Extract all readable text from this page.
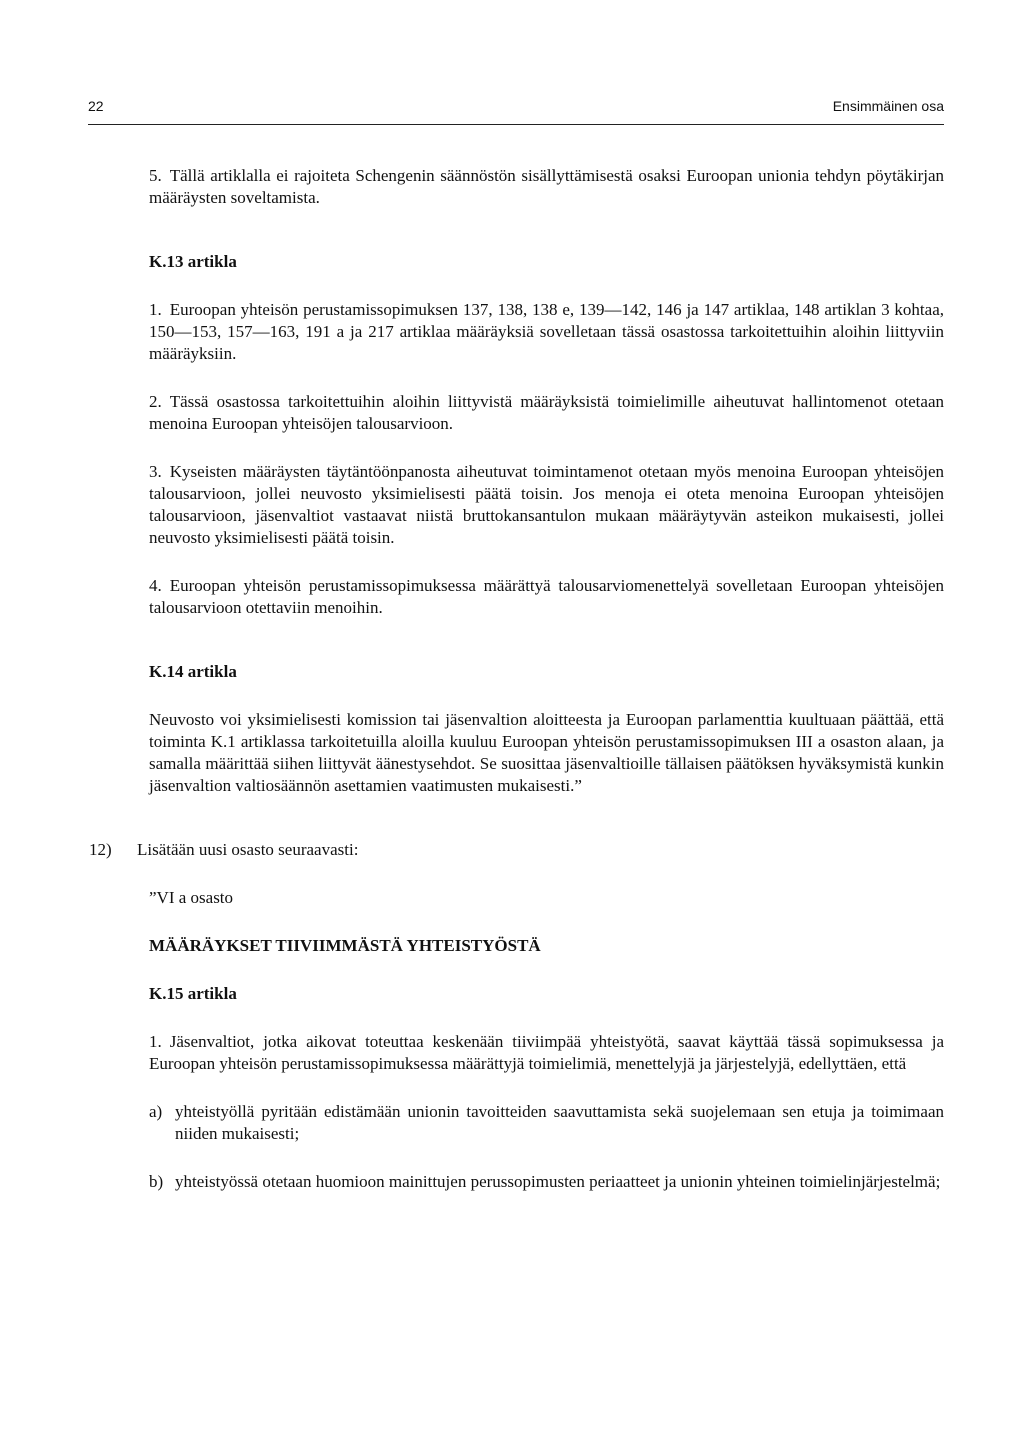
22	Ensimmäinen osa

5. Tällä artiklalla ei rajoiteta Schengenin säännöstön sisällyttämisestä osaksi Euroopan unionia tehdyn pöytäkirjan määräysten soveltamista.

K.13 artikla

1. Euroopan yhteisön perustamissopimuksen 137, 138, 138 e, 139—142, 146 ja 147 artiklaa, 148 artiklan 3 kohtaa, 150—153, 157—163, 191 a ja 217 artiklaa määräyksiä sovelletaan tässä osastossa tarkoitettuihin aloihin liittyviin määräyksiin.

2. Tässä osastossa tarkoitettuihin aloihin liittyvistä määräyksistä toimielimille aiheutuvat hallintomenot otetaan menoina Euroopan yhteisöjen talousarvioon.

3. Kyseisten määräysten täytäntöönpanosta aiheutuvat toimintamenot otetaan myös menoina Euroopan yhteisöjen talousarvioon, jollei neuvosto yksimielisesti päätä toisin. Jos menoja ei oteta menoina Euroopan yhteisöjen talousarvioon, jäsenvaltiot vastaavat niistä bruttokansantulon mukaan määräytyvän asteikon mukaisesti, jollei neuvosto yksimielisesti päätä toisin.

4. Euroopan yhteisön perustamissopimuksessa määrättyä talousarviomenettelyä sovelletaan Euroopan yhteisöjen talousarvioon otettaviin menoihin.

K.14 artikla

Neuvosto voi yksimielisesti komission tai jäsenvaltion aloitteesta ja Euroopan parlamenttia kuultuaan päättää, että toiminta K.1 artiklassa tarkoitetuilla aloilla kuuluu Euroopan yhteisön perustamissopimuksen III a osaston alaan, ja samalla määrittää siihen liittyvät äänestysehdot. Se suosittaa jäsenvaltioille tällaisen päätöksen hyväksymistä kunkin jäsenvaltion valtiosäännön asettamien vaatimusten mukaisesti.”

12) Lisätään uusi osasto seuraavasti:

”VI a osasto

MÄÄRÄYKSET TIIVIIMMÄSTÄ YHTEISTYÖSTÄ

K.15 artikla

1. Jäsenvaltiot, jotka aikovat toteuttaa keskenään tiiviimpää yhteistyötä, saavat käyttää tässä sopimuksessa ja Euroopan yhteisön perustamissopimuksessa määrättyjä toimielimiä, menettelyjä ja järjestelyjä, edellyttäen, että

a) yhteistyöllä pyritään edistämään unionin tavoitteiden saavuttamista sekä suojelemaan sen etuja ja toimimaan niiden mukaisesti;

b) yhteistyössä otetaan huomioon mainittujen perussopimusten periaatteet ja unionin yhteinen toimielinjärjestelmä;
